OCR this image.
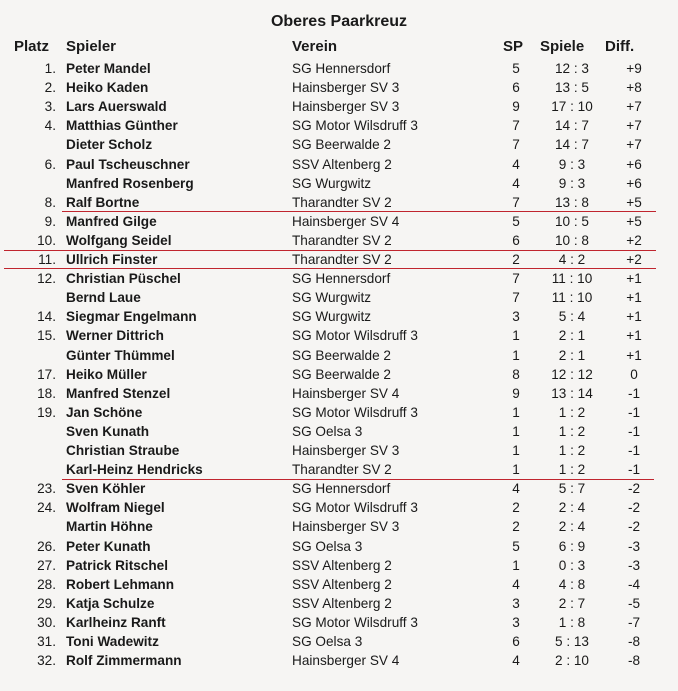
Oberes Paarkreuz
Platz Spieler	Verein	SP Spiele Diff.
1. Peter Mandel	SG Hennersdorf	5	12 : 3	+9
2. Heiko Kaden	Hainsberger SV 3	6	13 : 5	+8
3. Lars Auerswald	Hainsberger SV 3	9	17 : 10	+7
4. Matthias Günther	SG Motor Wilsdruff 3	7	14 : 7	+7
Dieter Scholz	SG Beerwalde 2	7	14 : 7	+7
6. Paul Tscheuschner	SSV Altenberg 2	4	9 : 3	+6
Manfred Rosenberg	SG Wurgwitz	4	9 : 3	+6
8. Ralf Bortne	Tharandter SV 2	7	13 : 8	+5
9. Manfred Gilge	Hainsberger SV 4	5	10 : 5	+5
10. Wolfgang Seidel	Tharandter SV 2	6	10 : 8	+2
11. Ullrich Finster	Tharandter SV 2	2	4 : 2	+2
12. Christian Püschel	SG Hennersdorf	7	11 : 10	+1
Bernd Laue	SG Wurgwitz	7	11 : 10	+1
14. Siegmar Engelmann	SG Wurgwitz	3	5 : 4	+1
15. Werner Dittrich	SG Motor Wilsdruff 3	1	2 : 1	+1
Günter Thümmel	SG Beerwalde 2	1	2 : 1	+1
17. Heiko Müller	SG Beerwalde 2	8	12 : 12	0
18. Manfred Stenzel	Hainsberger SV 4	9	13 : 14	-1
19. Jan Schöne	SG Motor Wilsdruff 3	1	1 : 2	-1
Sven Kunath	SG Oelsa 3	1	1 : 2	-1
Christian Straube	Hainsberger SV 3	1	1 : 2	-1
Karl-Heinz Hendricks	Tharandter SV 2	1	1 : 2	-1
23. Sven Köhler	SG Hennersdorf	4	5 : 7	-2
24. Wolfram Niegel	SG Motor Wilsdruff 3	2	2 : 4	-2
Martin Höhne	Hainsberger SV 3	2	2 : 4	-2
26. Peter Kunath	SG Oelsa 3	5	6 : 9	-3
27. Patrick Ritschel	SSV Altenberg 2	1	0 : 3	-3
28. Robert Lehmann	SSV Altenberg 2	4	4 : 8	-4
29. Katja Schulze	SSV Altenberg 2	3	2 : 7	-5
30. Karlheinz Ranft	SG Motor Wilsdruff 3	3	1 : 8	-7
31. Toni Wadewitz	SG Oelsa 3	6	5 : 13	-8
32. Rolf Zimmermann	Hainsberger SV 4	4	2 : 10	-8
